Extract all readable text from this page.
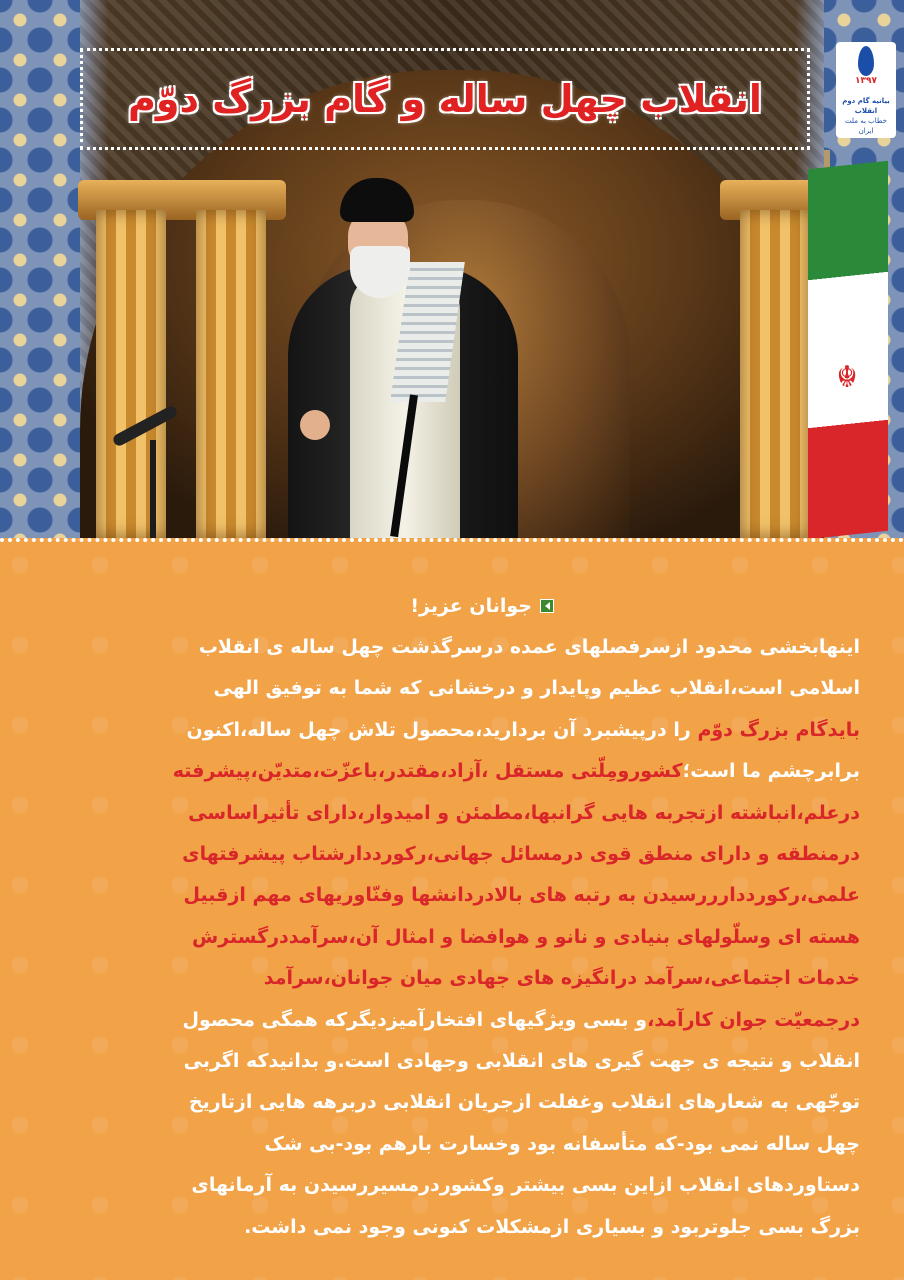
☬
انقلاب چهل ساله و گام بزرگ دوّم	۱۳۹۷
بیانیه گام دوم انقلاب
خطاب به ملت ایران
جوانان عزیز!
اینهابخشی محدود ازسرفصلهای عمده درسرگذشت چهل ساله ی انقلاب
اسلامی است،انقلاب عظیم وپایدار و درخشانی که شما به توفیق الهی
بایدگام بزرگ دوّم را درپیشبرد آن بردارید،محصول تلاش چهل ساله،اکنون
برابرچشم ما است؛کشورومِلّتی مستقل ،آزاد،مقتدر،باعزّت،متدیّن،پیشرفته
درعلم،انباشته ازتجربه هایی گرانبها،مطمئن و امیدوار،دارای تأثیراساسی
درمنطقه و دارای منطق قوی درمسائل جهانی،رکورددارشتاب پیشرفتهای
علمی،رکورددارررسیدن به رتبه های بالادردانشها وفنّاوریهای مهم ازقبیل
هسته ای وسلّولهای بنیادی و نانو و هوافضا و امثال آن،سرآمددرگسترش
خدمات اجتماعی،سرآمد درانگیزه های جهادی میان جوانان،سرآمد
درجمعیّت جوان کارآمد،و بسی ویژگیهای افتخارآمیزدیگرکه همگی محصول
انقلاب و نتیجه ی جهت گیری های انقلابی وجهادی است.و بدانیدکه اگربی
توجّهی به شعارهای انقلاب وغفلت ازجریان انقلابی دربرهه هایی ازتاریخ
چهل ساله نمی بود-که متأسفانه بود وخسارت بارهم بود-بی شک
دستاوردهای انقلاب ازاین بسی بیشتر وکشوردرمسیررسیدن به آرمانهای
بزرگ بسی جلوتربود و بسیاری ازمشکلات کنونی وجود نمی داشت.
